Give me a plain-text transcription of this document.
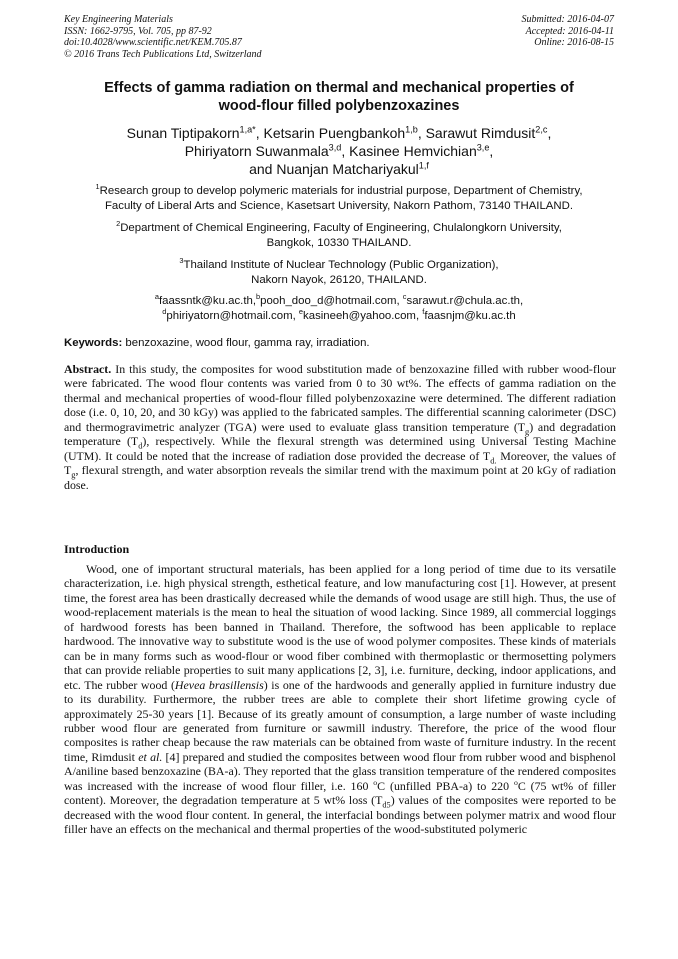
Key Engineering Materials
ISSN: 1662-9795, Vol. 705, pp 87-92
doi:10.4028/www.scientific.net/KEM.705.87
© 2016 Trans Tech Publications Ltd, Switzerland
Submitted: 2016-04-07
Accepted: 2016-04-11
Online: 2016-08-15
Effects of gamma radiation on thermal and mechanical properties of
wood-flour filled polybenzoxazines
Sunan Tiptipakorn$^{1,a*}$, Ketsarin Puengbankoh$^{1,b}$, Sarawut Rimdusit$^{2,c}$,
Phiriyatorn Suwanmala$^{3,d}$, Kasinee Hemvichian$^{3,e}$,
and Nuanjan Matchariyakul$^{1,f}$
$^1$Research group to develop polymeric materials for industrial purpose, Department of Chemistry,
Faculty of Liberal Arts and Science, Kasetsart University, Nakorn Pathom, 73140 THAILAND.
$^2$Department of Chemical Engineering, Faculty of Engineering, Chulalongkorn University,
Bangkok, 10330 THAILAND.
$^3$Thailand Institute of Nuclear Technology (Public Organization),
Nakorn Nayok, 26120, THAILAND.
$^a$faassntk@ku.ac.th,$^b$pooh_doo_d@hotmail.com, $^c$sarawut.r@chula.ac.th,
$^d$phiriyatorn@hotmail.com, $^e$kasineeh@yahoo.com, $^f$faasnjm@ku.ac.th
Keywords: benzoxazine, wood flour, gamma ray, irradiation.
Abstract. In this study, the composites for wood substitution made of benzoxazine filled with rubber wood-flour were fabricated. The wood flour contents was varied from 0 to 30 wt%. The effects of gamma radiation on the thermal and mechanical properties of wood-flour filled polybenzoxazine were determined. The different radiation dose (i.e. 0, 10, 20, and 30 kGy) was applied to the fabricated samples. The differential scanning calorimeter (DSC) and thermogravimetric analyzer (TGA) were used to evaluate glass transition temperature $(T_g)$ and degradation temperature $(T_d)$, respectively. While the flexural strength was determined using Universal Testing Machine (UTM). It could be noted that the increase of radiation dose provided the decrease of $T_{d.}$ Moreover, the values of $T_g$, flexural strength, and water absorption reveals the similar trend with the maximum point at 20 kGy of radiation dose.
Introduction
Wood, one of important structural materials, has been applied for a long period of time due to its versatile characterization, i.e. high physical strength, esthetical feature, and low manufacturing cost [1]. However, at present time, the forest area has been drastically decreased while the demands of wood usage are still high. Thus, the use of wood-replacement materials is the mean to heal the situation of wood lacking. Since 1989, all commercial loggings of hardwood forests has been banned in Thailand. Therefore, the softwood has been applicable to replace hardwood. The innovative way to substitute wood is the use of wood polymer composites. These kinds of materials can be in many forms such as wood-flour or wood fiber combined with thermoplastic or thermosetting polymers that can provide reliable properties to suit many applications [2, 3], i.e. furniture, decking, indoor applications, and etc. The rubber wood (Hevea brasillensis) is one of the hardwoods and generally applied in furniture industry due to its durability. Furthermore, the rubber trees are able to complete their short lifetime growing cycle of approximately 25-30 years [1]. Because of its greatly amount of consumption, a large number of waste including rubber wood flour are generated from furniture or sawmill industry. Therefore, the price of the wood flour composites is rather cheap because the raw materials can be obtained from waste of furniture industry. In the recent time, Rimdusit et al. [4] prepared and studied the composites between wood flour from rubber wood and bisphenol A/aniline based benzoxazine (BA-a). They reported that the glass transition temperature of the rendered composites was increased with the increase of wood flour filler, i.e. 160 $^o$C (unfilled PBA-a) to 220 $^o$C (75 wt% of filler content). Moreover, the degradation temperature at 5 wt% loss $(T_{d5})$ values of the composites were reported to be decreased with the wood flour content. In general, the interfacial bondings between polymer matrix and wood flour filler have an effects on the mechanical and thermal properties of the wood-substituted polymeric
